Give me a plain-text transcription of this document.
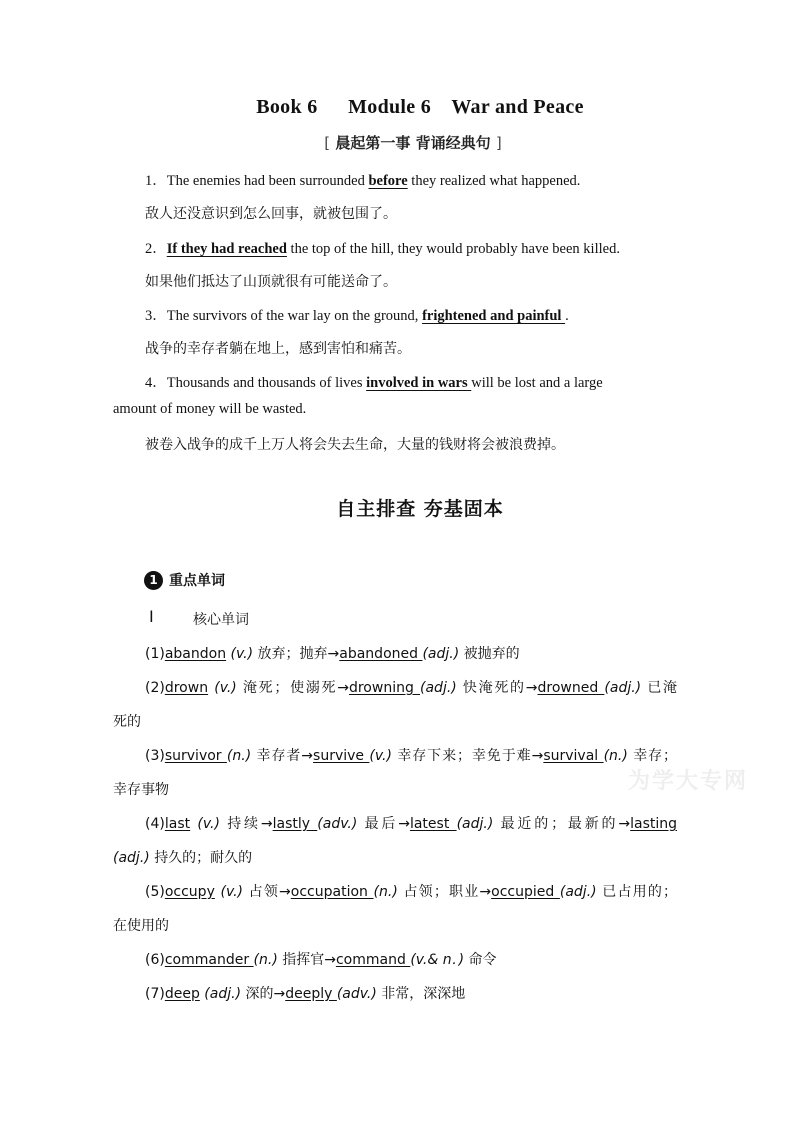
Book 6  Module 6 War and Peace
[ 晨起第一事 背诵经典句 ]
1．The enemies had been surrounded before they realized what happened.
敌人还没意识到怎么回事，就被包围了。
2．If they had reached the top of the hill, they would probably have been killed.
如果他们抵达了山顶就很有可能送命了。
3．The survivors of the war lay on the ground, frightened and painful .
战争的幸存者躺在地上，感到害怕和痛苦。
4．Thousands and thousands of lives involved in wars will be lost and a large
amount of money will be wasted.
被卷入战争的成千上万人将会失去生命，大量的钱财将会被浪费掉。
自主排查 夯基固本
1 重点单词
Ⅰ	核心单词
(1)abandon (v.) 放弃；抛弃→abandoned (adj.) 被抛弃的
(2)drown (v.) 淹死；使溺死→drowning (adj.) 快淹死的→drowned (adj.) 已淹
死的
(3)survivor (n.) 幸存者→survive (v.) 幸存下来；幸免于难→survival (n.) 幸存；
幸存事物
(4)last (v.) 持续→lastly (adv.) 最后→latest (adj.) 最近的；最新的→lasting
(adj.) 持久的；耐久的
(5)occupy (v.) 占领→occupation (n.) 占领；职业→occupied (adj.) 已占用的；
在使用的
(6)commander (n.) 指挥官→command (v.& n．) 命令
(7)deep (adj.) 深的→deeply (adv.) 非常，深深地
为学大专网
